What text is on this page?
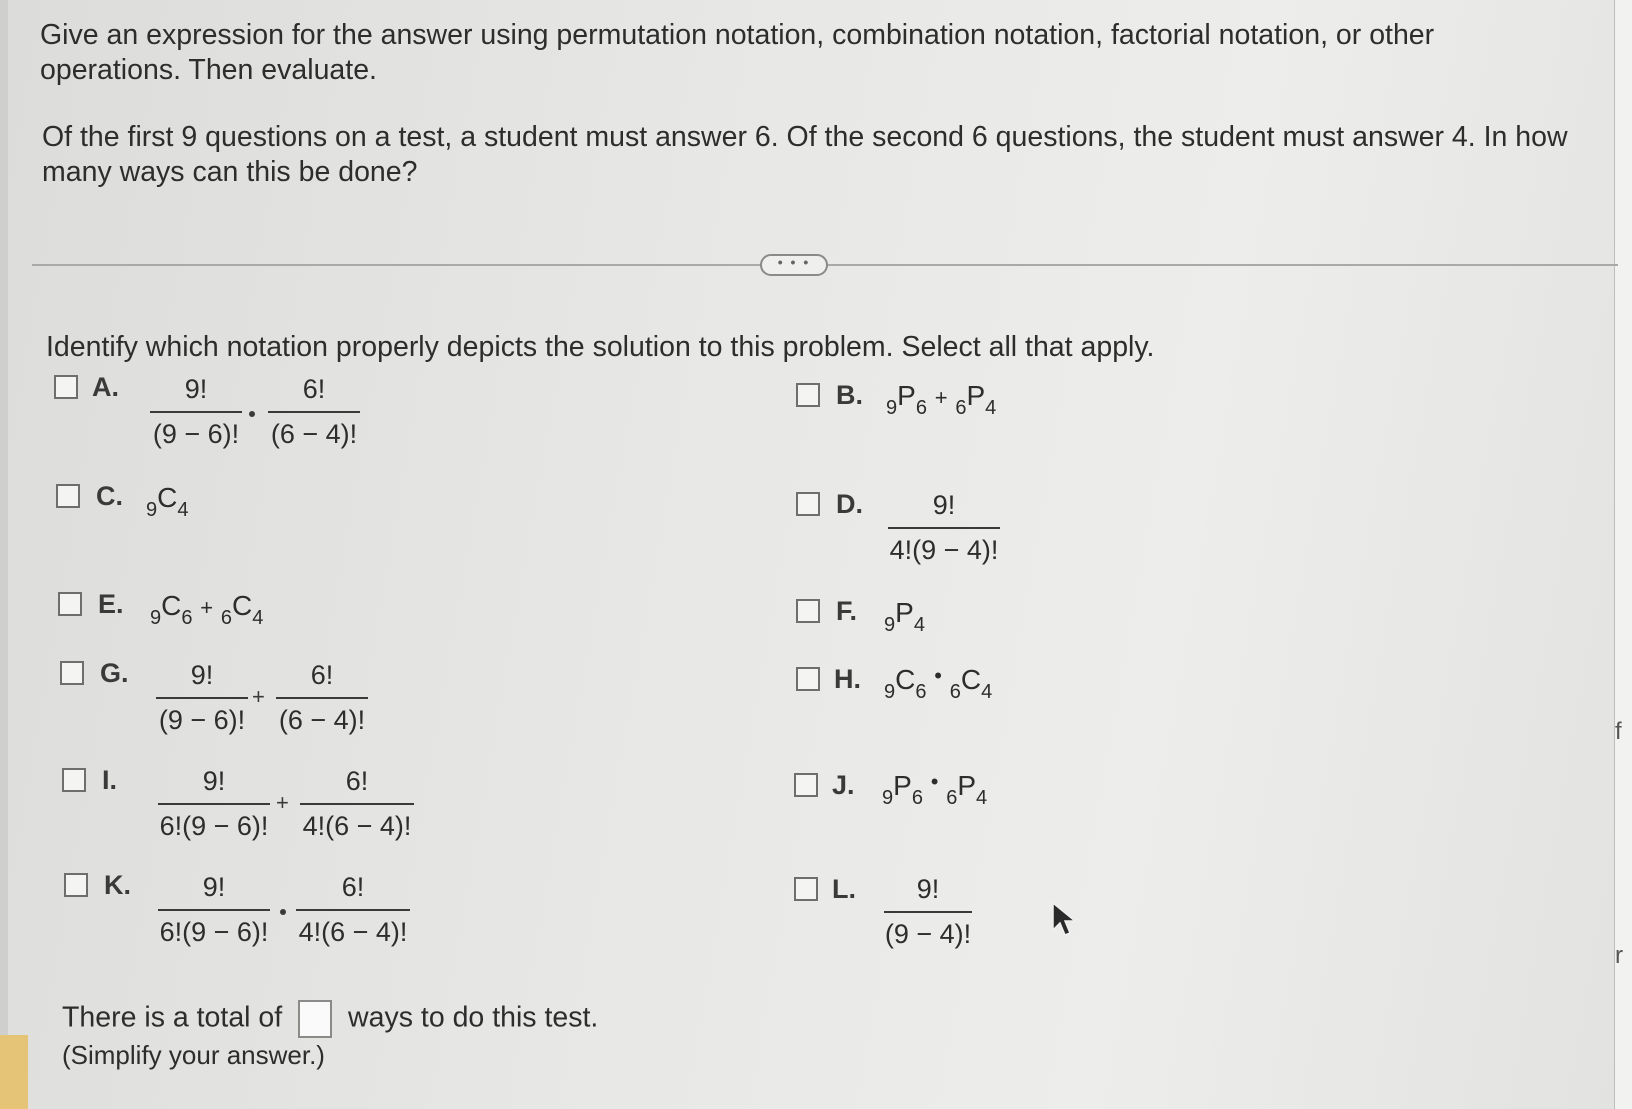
f
r
Give an expression for the answer using permutation notation, combination notation, factorial notation, or other operations. Then evaluate.
Of the first 9 questions on a test, a student must answer 6. Of the second 6 questions, the student must answer 4. In how many ways can this be done?
• • •
Identify which notation properly depicts the solution to this problem. Select all that apply.
A.	9!
(9 − 6)!
6!
(6 − 4)!
B. $_9P_6 + _6P_4$
C. $_9C_4$	D.	9!
4!(9 − 4)!
E. $_9C_6 + _6C_4$	F. $_9P_4$
G.	9!
(9 − 6)!
+
6!
(6 − 4)!
H. $_9C_6$ • $_6C_4$
I.	9!
6!(9 − 6)!
+
6!
4!(6 − 4)!
J. $_9P_6$ • $_6P_4$
K.	9!
6!(9 − 6)!
6!
4!(6 − 4)!
L.	9!
(9 − 4)!
There is a total of ways to do this test.
(Simplify your answer.)
